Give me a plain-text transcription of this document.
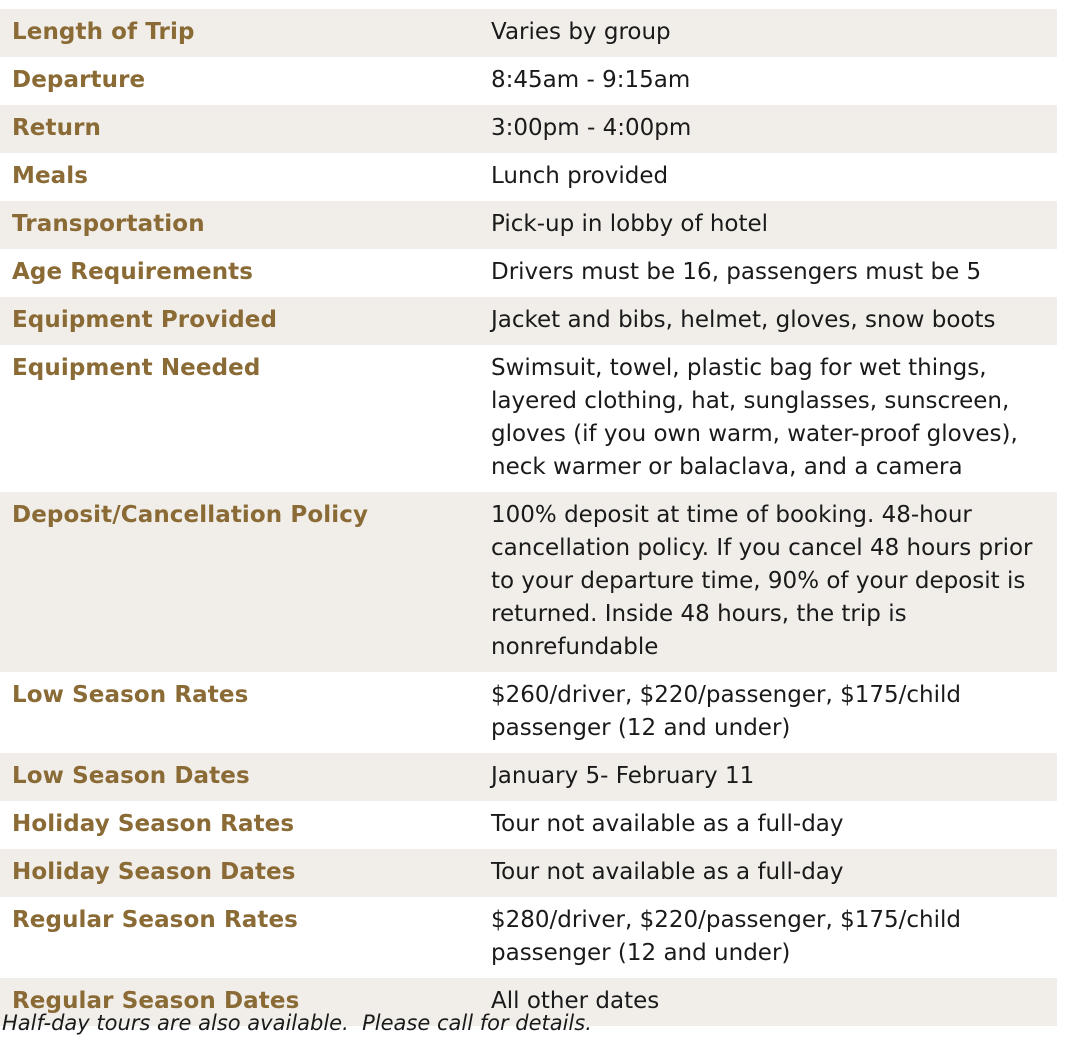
Length of Trip	Varies by group

Departure	8:45am - 9:15am

Return	3:00pm - 4:00pm

Meals	Lunch provided

Transportation	Pick-up in lobby of hotel

Age Requirements	Drivers must be 16, passengers must be 5

Equipment Provided	Jacket and bibs, helmet, gloves, snow boots

Equipment Needed	Swimsuit, towel, plastic bag for wet things, layered clothing, hat, sunglasses, sunscreen, gloves (if you own warm, water-proof gloves), neck warmer or balaclava, and a camera

Deposit/Cancellation Policy	100% deposit at time of booking. 48-hour cancellation policy. If you cancel 48 hours prior to your departure time, 90% of your deposit is returned. Inside 48 hours, the trip is nonrefundable

Low Season Rates	$260/driver, $220/passenger, $175/child passenger (12 and under)

Low Season Dates	January 5- February 11

Holiday Season Rates	Tour not available as a full-day

Holiday Season Dates	Tour not available as a full-day

Regular Season Rates	$280/driver, $220/passenger, $175/child passenger (12 and under)

Regular Season Dates	All other dates
Half-day tours are also available.  Please call for details.
